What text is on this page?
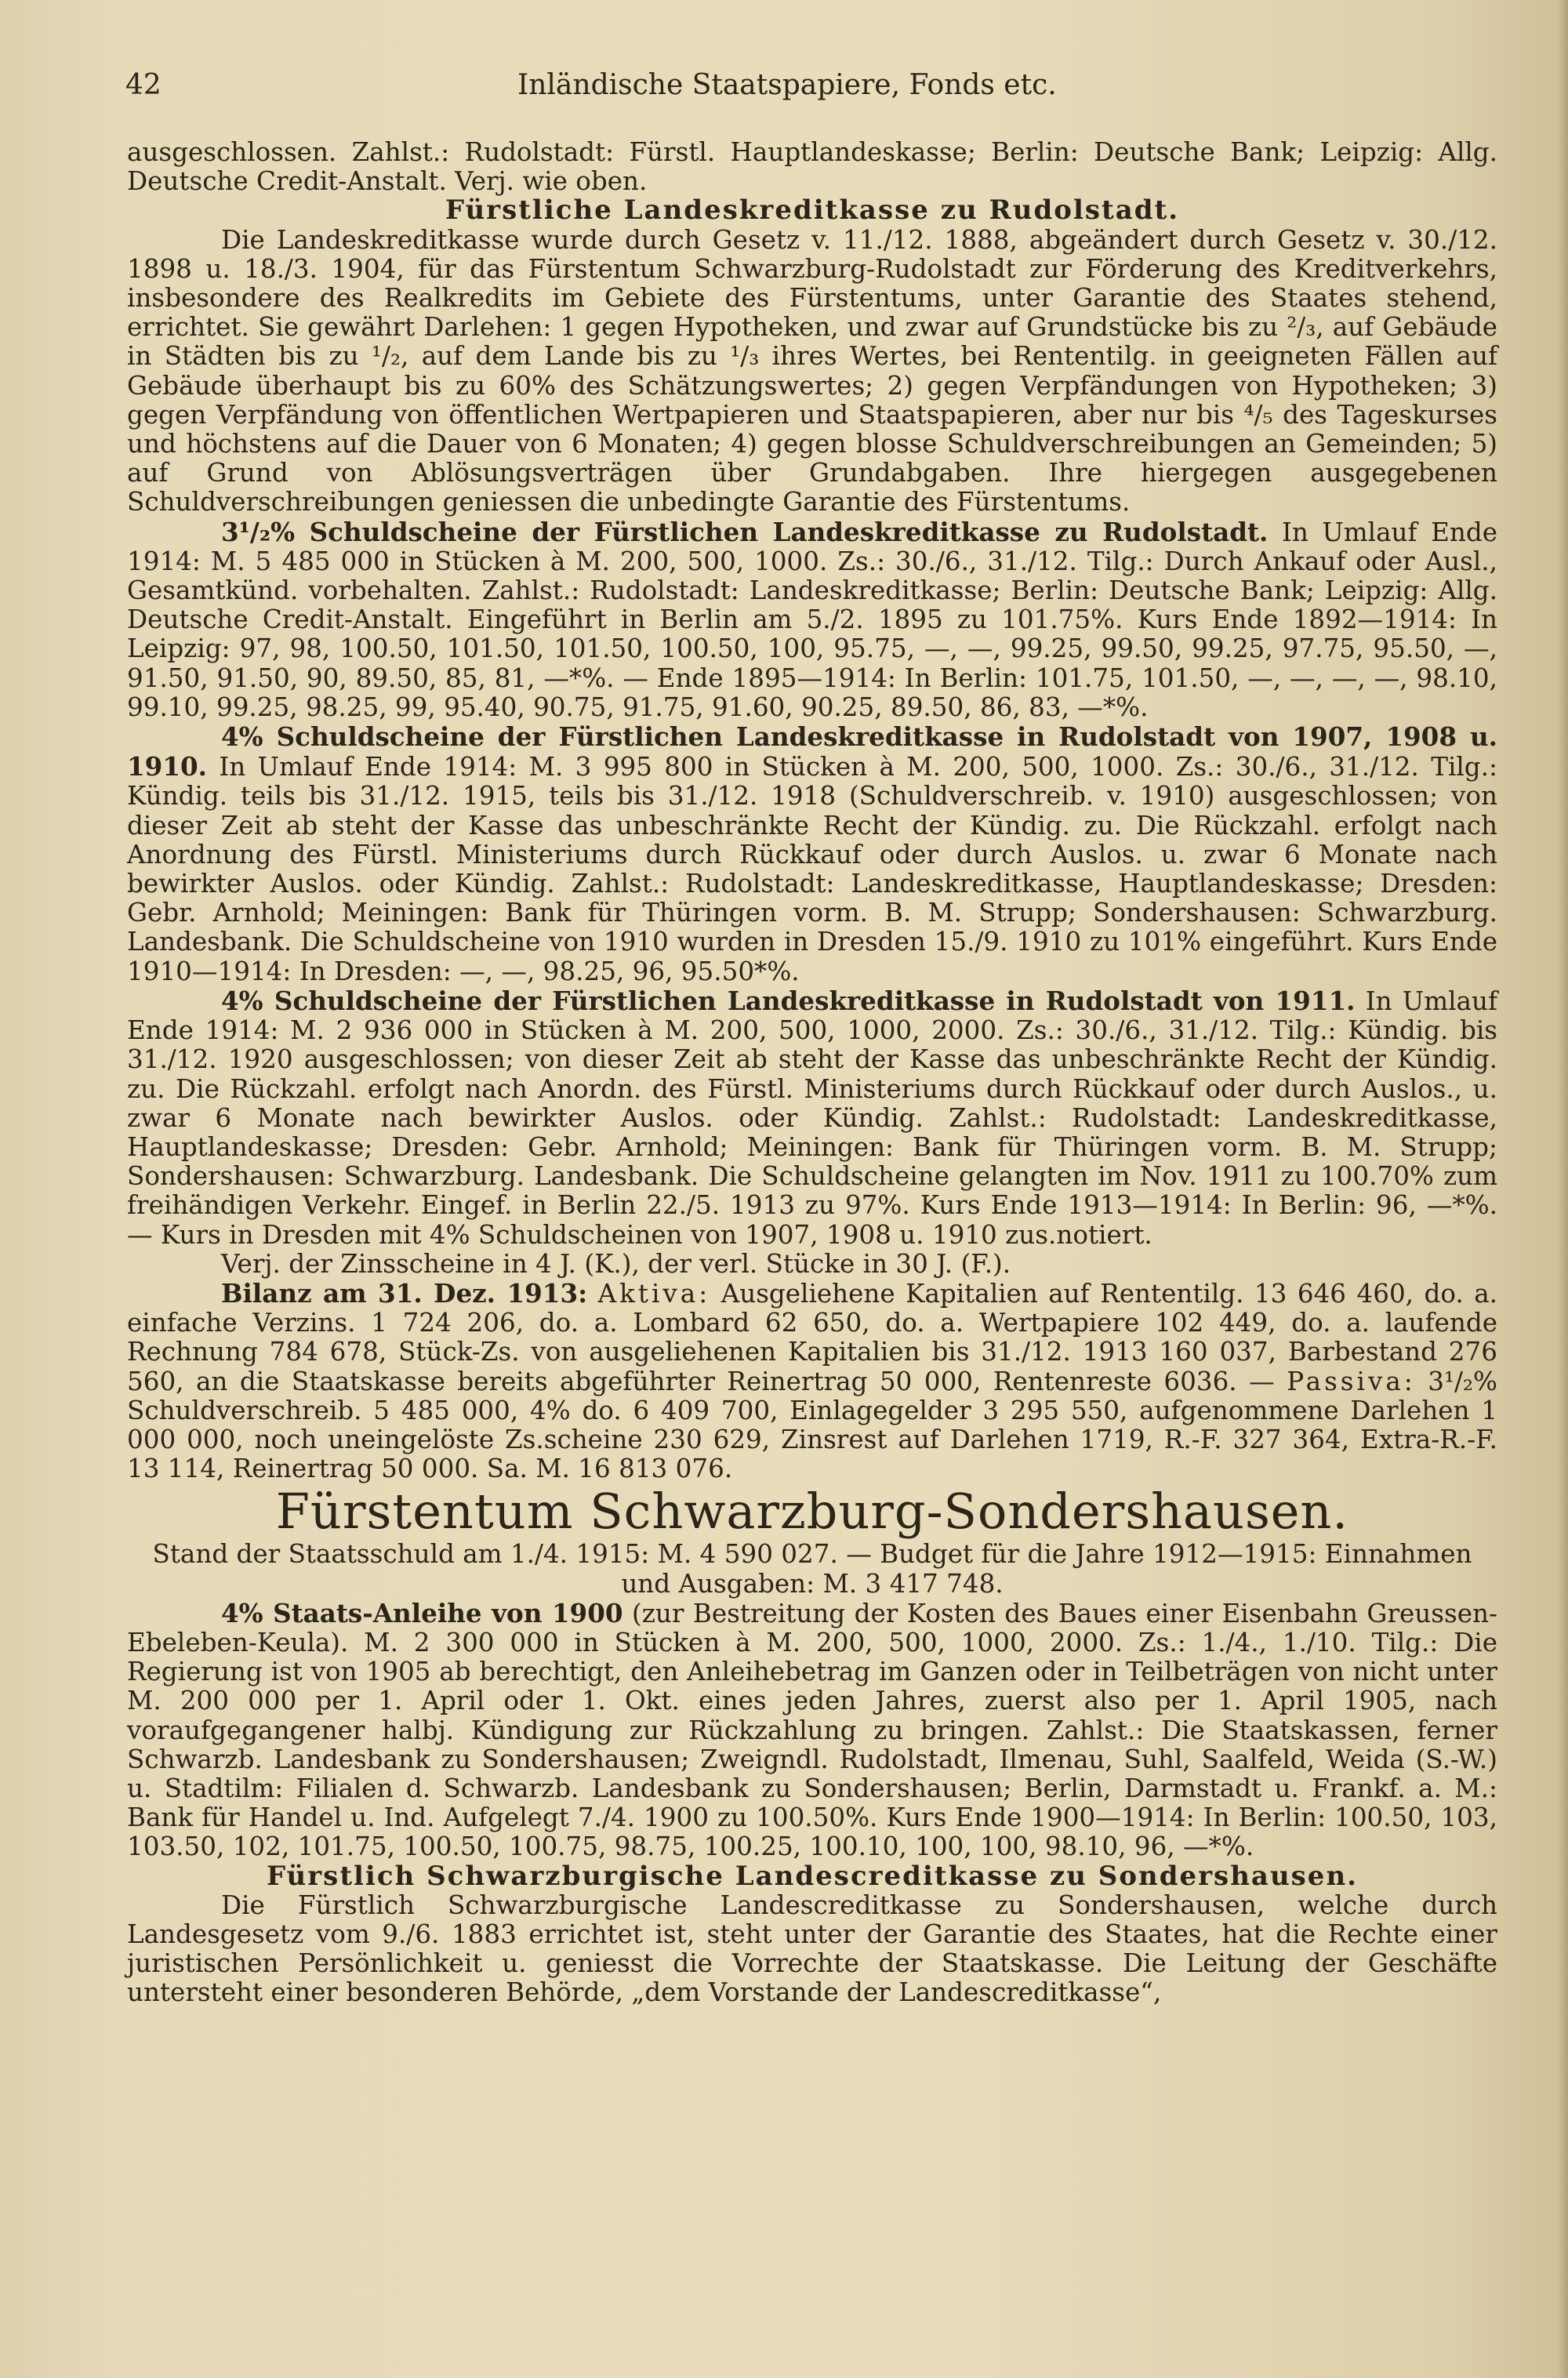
42	Inländische Staatspapiere, Fonds etc.

ausgeschlossen. Zahlst.: Rudolstadt: Fürstl. Hauptlandeskasse; Berlin: Deutsche Bank; Leipzig: Allg. Deutsche Credit-Anstalt. Verj. wie oben.

Fürstliche Landeskreditkasse zu Rudolstadt.

Die Landeskreditkasse wurde durch Gesetz v. 11./12. 1888, abgeändert durch Gesetz v. 30./12. 1898 u. 18./3. 1904, für das Fürstentum Schwarzburg-Rudolstadt zur Förderung des Kreditverkehrs, insbesondere des Realkredits im Gebiete des Fürstentums, unter Garantie des Staates stehend, errichtet. Sie gewährt Darlehen: 1 gegen Hypotheken, und zwar auf Grundstücke bis zu ²/₃, auf Gebäude in Städten bis zu ¹/₂, auf dem Lande bis zu ¹/₃ ihres Wertes, bei Rententilg. in geeigneten Fällen auf Gebäude überhaupt bis zu 60% des Schätzungswertes; 2) gegen Verpfändungen von Hypotheken; 3) gegen Verpfändung von öffentlichen Wertpapieren und Staatspapieren, aber nur bis ⁴/₅ des Tageskurses und höchstens auf die Dauer von 6 Monaten; 4) gegen blosse Schuldverschreibungen an Gemeinden; 5) auf Grund von Ablösungsverträgen über Grundabgaben. Ihre hiergegen ausgegebenen Schuldverschreibungen geniessen die unbedingte Garantie des Fürstentums.

3¹/₂% Schuldscheine der Fürstlichen Landeskreditkasse zu Rudolstadt. In Umlauf Ende 1914: M. 5 485 000 in Stücken à M. 200, 500, 1000. Zs.: 30./6., 31./12. Tilg.: Durch Ankauf oder Ausl., Gesamtkünd. vorbehalten. Zahlst.: Rudolstadt: Landeskreditkasse; Berlin: Deutsche Bank; Leipzig: Allg. Deutsche Credit-Anstalt. Eingeführt in Berlin am 5./2. 1895 zu 101.75%. Kurs Ende 1892—1914: In Leipzig: 97, 98, 100.50, 101.50, 101.50, 100.50, 100, 95.75, —, —, 99.25, 99.50, 99.25, 97.75, 95.50, —, 91.50, 91.50, 90, 89.50, 85, 81, —*%. — Ende 1895—1914: In Berlin: 101.75, 101.50, —, —, —, —, 98.10, 99.10, 99.25, 98.25, 99, 95.40, 90.75, 91.75, 91.60, 90.25, 89.50, 86, 83, —*%.

4% Schuldscheine der Fürstlichen Landeskreditkasse in Rudolstadt von 1907, 1908 u. 1910. In Umlauf Ende 1914: M. 3 995 800 in Stücken à M. 200, 500, 1000. Zs.: 30./6., 31./12. Tilg.: Kündig. teils bis 31./12. 1915, teils bis 31./12. 1918 (Schuldverschreib. v. 1910) ausgeschlossen; von dieser Zeit ab steht der Kasse das unbeschränkte Recht der Kündig. zu. Die Rückzahl. erfolgt nach Anordnung des Fürstl. Ministeriums durch Rückkauf oder durch Auslos. u. zwar 6 Monate nach bewirkter Auslos. oder Kündig. Zahlst.: Rudolstadt: Landeskreditkasse, Hauptlandeskasse; Dresden: Gebr. Arnhold; Meiningen: Bank für Thüringen vorm. B. M. Strupp; Sondershausen: Schwarzburg. Landesbank. Die Schuldscheine von 1910 wurden in Dresden 15./9. 1910 zu 101% eingeführt. Kurs Ende 1910—1914: In Dresden: —, —, 98.25, 96, 95.50*%.

4% Schuldscheine der Fürstlichen Landeskreditkasse in Rudolstadt von 1911. In Umlauf Ende 1914: M. 2 936 000 in Stücken à M. 200, 500, 1000, 2000. Zs.: 30./6., 31./12. Tilg.: Kündig. bis 31./12. 1920 ausgeschlossen; von dieser Zeit ab steht der Kasse das unbeschränkte Recht der Kündig. zu. Die Rückzahl. erfolgt nach Anordn. des Fürstl. Ministeriums durch Rückkauf oder durch Auslos., u. zwar 6 Monate nach bewirkter Auslos. oder Kündig. Zahlst.: Rudolstadt: Landeskreditkasse, Hauptlandeskasse; Dresden: Gebr. Arnhold; Meiningen: Bank für Thüringen vorm. B. M. Strupp; Sondershausen: Schwarzburg. Landesbank. Die Schuldscheine gelangten im Nov. 1911 zu 100.70% zum freihändigen Verkehr. Eingef. in Berlin 22./5. 1913 zu 97%. Kurs Ende 1913—1914: In Berlin: 96, —*%. — Kurs in Dresden mit 4% Schuldscheinen von 1907, 1908 u. 1910 zus.notiert.

Verj. der Zinsscheine in 4 J. (K.), der verl. Stücke in 30 J. (F.).

Bilanz am 31. Dez. 1913: Aktiva: Ausgeliehene Kapitalien auf Rententilg. 13 646 460, do. a. einfache Verzins. 1 724 206, do. a. Lombard 62 650, do. a. Wertpapiere 102 449, do. a. laufende Rechnung 784 678, Stück-Zs. von ausgeliehenen Kapitalien bis 31./12. 1913 160 037, Barbestand 276 560, an die Staatskasse bereits abgeführter Reinertrag 50 000, Rentenreste 6036. — Passiva: 3¹/₂% Schuldverschreib. 5 485 000, 4% do. 6 409 700, Einlagegelder 3 295 550, aufgenommene Darlehen 1 000 000, noch uneingelöste Zs.scheine 230 629, Zinsrest auf Darlehen 1719, R.-F. 327 364, Extra-R.-F. 13 114, Reinertrag 50 000. Sa. M. 16 813 076.

Fürstentum Schwarzburg-Sondershausen.

Stand der Staatsschuld am 1./4. 1915: M. 4 590 027. — Budget für die Jahre 1912—1915: Einnahmen und Ausgaben: M. 3 417 748.

4% Staats-Anleihe von 1900 (zur Bestreitung der Kosten des Baues einer Eisenbahn Greussen-Ebeleben-Keula). M. 2 300 000 in Stücken à M. 200, 500, 1000, 2000. Zs.: 1./4., 1./10. Tilg.: Die Regierung ist von 1905 ab berechtigt, den Anleihebetrag im Ganzen oder in Teilbeträgen von nicht unter M. 200 000 per 1. April oder 1. Okt. eines jeden Jahres, zuerst also per 1. April 1905, nach voraufgegangener halbj. Kündigung zur Rückzahlung zu bringen. Zahlst.: Die Staatskassen, ferner Schwarzb. Landesbank zu Sondershausen; Zweigndl. Rudolstadt, Ilmenau, Suhl, Saalfeld, Weida (S.-W.) u. Stadtilm: Filialen d. Schwarzb. Landesbank zu Sondershausen; Berlin, Darmstadt u. Frankf. a. M.: Bank für Handel u. Ind. Aufgelegt 7./4. 1900 zu 100.50%. Kurs Ende 1900—1914: In Berlin: 100.50, 103, 103.50, 102, 101.75, 100.50, 100.75, 98.75, 100.25, 100.10, 100, 100, 98.10, 96, —*%.

Fürstlich Schwarzburgische Landescreditkasse zu Sondershausen.

Die Fürstlich Schwarzburgische Landescreditkasse zu Sondershausen, welche durch Landesgesetz vom 9./6. 1883 errichtet ist, steht unter der Garantie des Staates, hat die Rechte einer juristischen Persönlichkeit u. geniesst die Vorrechte der Staatskasse. Die Leitung der Geschäfte untersteht einer besonderen Behörde, „dem Vorstande der Landescreditkasse“,
